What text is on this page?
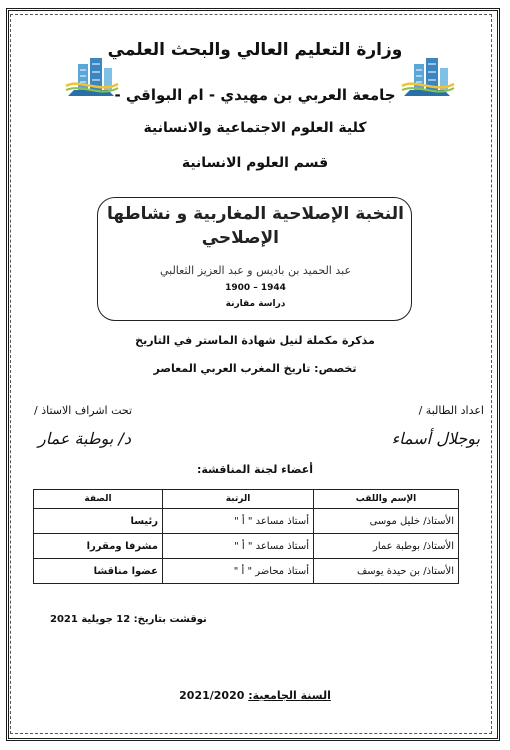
وزارة التعليم العالي والبحث العلمي
جامعة العربي بن مهيدي - ام البواقي -
كلية العلوم الاجتماعية والانسانية
قسم العلوم الانسانية
النخبة الإصلاحية المغاربية و نشاطها
الإصلاحي
عبد الحميد بن باديس و عبد العزيز الثعالبي
1900 – 1944
دراسة مقارنة
مذكرة مكملة لنيل شهادة الماستر في التاريخ
تخصص: تاريخ المغرب العربي المعاصر
اعداد الطالبة /
تحت اشراف الاستاذ /
بوجلال أسماء
د/ بوطبة عمار
أعضاء لجنة المناقشة:
الإسم واللقب	الرتبة	الصفة
الأستاذ/ خليل موسى	أستاذ مساعد " أ "	رئيسا
الأستاذ/ بوطبة عمار	أستاذ مساعد " أ "	مشرفا ومقررا
الأستاذ/ بن حيدة يوسف	أستاذ محاضر " أ "	عضوا مناقشا
نوقشت بتاريخ: 12 جويلية 2021
السنة الجامعية: 2021/2020
